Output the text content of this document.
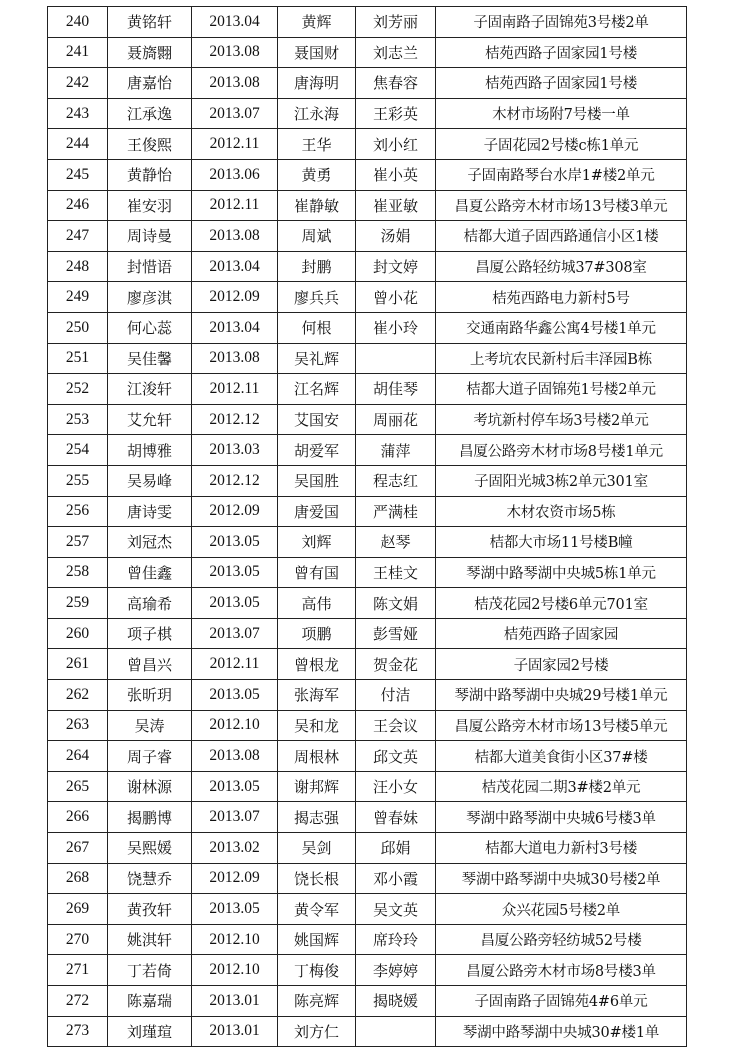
240	黄铭轩	2013.04	黄辉	刘芳丽	子固南路子固锦苑3号楼2单
241	聂旖翾	2013.08	聂国财	刘志兰	桔苑西路子固家园1号楼
242	唐嘉怡	2013.08	唐海明	焦春容	桔苑西路子固家园1号楼
243	江承逸	2013.07	江永海	王彩英	木材市场附7号楼一单
244	王俊熙	2012.11	王华	刘小红	子固花园2号楼c栋1单元
245	黄静怡	2013.06	黄勇	崔小英	子固南路琴台水岸1#楼2单元
246	崔安羽	2012.11	崔静敏	崔亚敏	昌夏公路旁木材市场13号楼3单元
247	周诗曼	2013.08	周斌	汤娟	桔都大道子固西路通信小区1楼
248	封惜语	2013.04	封鹏	封文婷	昌厦公路轻纺城37#308室
249	廖彦淇	2012.09	廖兵兵	曾小花	桔苑西路电力新村5号
250	何心蕊	2013.04	何根	崔小玲	交通南路华鑫公寓4号楼1单元
251	吴佳馨	2013.08	吴礼辉		上考坑农民新村后丰泽园B栋
252	江浚轩	2012.11	江名辉	胡佳琴	桔都大道子固锦苑1号楼2单元
253	艾允轩	2012.12	艾国安	周丽花	考坑新村停车场3号楼2单元
254	胡博雅	2013.03	胡爱军	蒲萍	昌厦公路旁木材市场8号楼1单元
255	吴易峰	2012.12	吴国胜	程志红	子固阳光城3栋2单元301室
256	唐诗雯	2012.09	唐爱国	严满桂	木材农资市场5栋
257	刘冠杰	2013.05	刘辉	赵琴	桔都大市场11号楼B幢
258	曾佳鑫	2013.05	曾有国	王桂文	琴湖中路琴湖中央城5栋1单元
259	高瑜希	2013.05	高伟	陈文娟	桔茂花园2号楼6单元701室
260	项子棋	2013.07	项鹏	彭雪娅	桔苑西路子固家园
261	曾昌兴	2012.11	曾根龙	贺金花	子固家园2号楼
262	张昕玥	2013.05	张海军	付洁	琴湖中路琴湖中央城29号楼1单元
263	吴涛	2012.10	吴和龙	王会议	昌厦公路旁木材市场13号楼5单元
264	周子睿	2013.08	周根林	邱文英	桔都大道美食街小区37#楼
265	谢林源	2013.05	谢邦辉	汪小女	桔茂花园二期3#楼2单元
266	揭鹏博	2013.07	揭志强	曾春妹	琴湖中路琴湖中央城6号楼3单
267	吴熙媛	2013.02	吴剑	邱娟	桔都大道电力新村3号楼
268	饶慧乔	2012.09	饶长根	邓小霞	琴湖中路琴湖中央城30号楼2单
269	黄孜轩	2013.05	黄令军	吴文英	众兴花园5号楼2单
270	姚淇轩	2012.10	姚国辉	席玲玲	昌厦公路旁轻纺城52号楼
271	丁若倚	2012.10	丁梅俊	李婷婷	昌厦公路旁木材市场8号楼3单
272	陈嘉瑞	2013.01	陈亮辉	揭晓媛	子固南路子固锦苑4#6单元
273	刘瑾瑄	2013.01	刘方仁		琴湖中路琴湖中央城30#楼1单
